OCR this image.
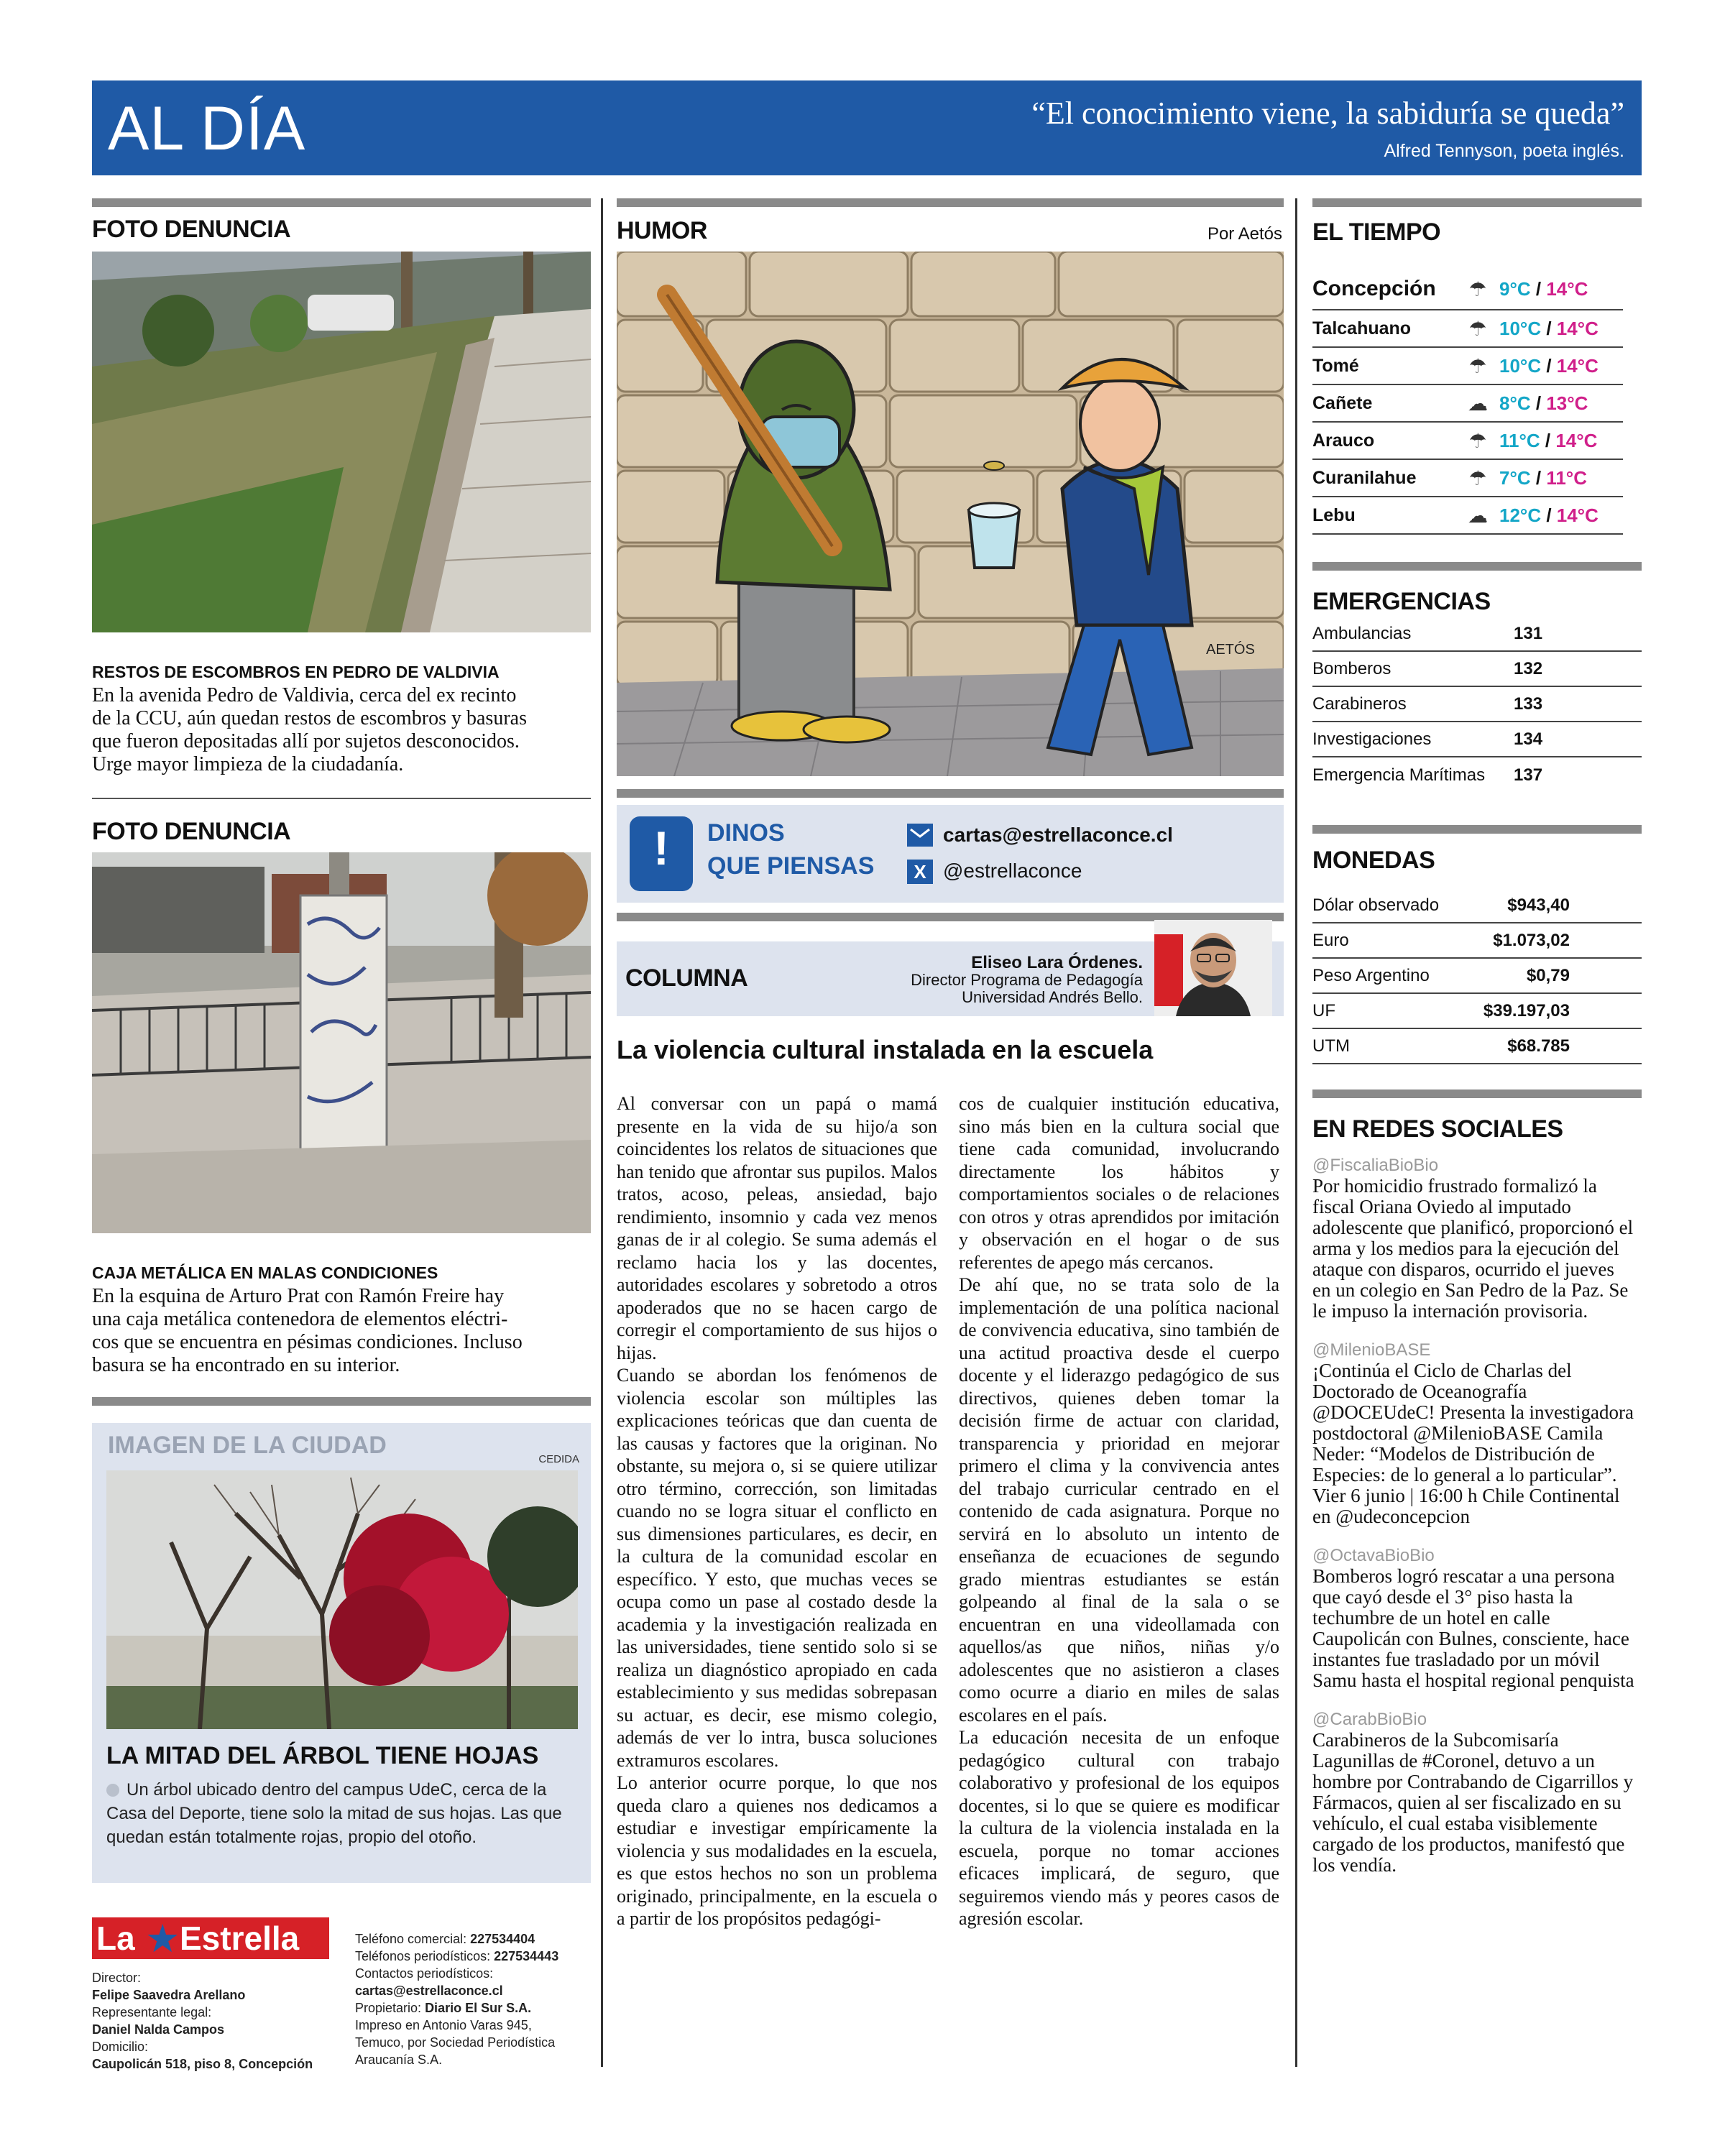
AL DÍA	“El conocimiento viene, la sabiduría se queda”
Alfred Tennyson, poeta inglés.
FOTO DENUNCIA
RESTOS DE ESCOMBROS EN PEDRO DE VALDIVIA
En la avenida Pedro de Valdivia, cerca del ex recinto
de la CCU, aún quedan restos de escombros y basuras
que fueron depositadas allí por sujetos desconocidos.
Urge mayor limpieza de la ciudadanía.
FOTO DENUNCIA
CAJA METÁLICA EN MALAS CONDICIONES
En la esquina de Arturo Prat con Ramón Freire hay
una caja metálica contenedora de elementos eléctri-
cos que se encuentra en pésimas condiciones. Incluso
basura se ha encontrado en su interior.
IMAGEN DE LA CIUDAD
CEDIDA
LA MITAD DEL ÁRBOL TIENE HOJAS
Un árbol ubicado dentro del campus UdeC, cerca de la
Casa del Deporte, tiene solo la mitad de sus hojas. Las que
quedan están totalmente rojas, propio del otoño.
La ★ Estrella
Director:
Felipe Saavedra Arellano
Representante legal:
Daniel Nalda Campos
Domicilio:
Caupolicán 518, piso 8, Concepción
Teléfono comercial: 227534404
Teléfonos periodísticos: 227534443
Contactos periodísticos:
cartas@estrellaconce.cl
Propietario: Diario El Sur S.A.
Impreso en Antonio Varas 945,
Temuco, por Sociedad Periodística
Araucanía S.A.
HUMOR	Por Aetós
AETÓS
!	DINOS
QUE PIENSAS
cartas@estrellaconce.cl
X @estrellaconce
COLUMNA
Eliseo Lara Órdenes.
Director Programa de Pedagogía
Universidad Andrés Bello.
La violencia cultural instalada en la escuela

Al conversar con un papá o mamá presente en la vida de su hijo/a son coincidentes los relatos de situaciones que han tenido que afrontar sus pupilos. Malos tratos, acoso, peleas, ansiedad, bajo rendimiento, insomnio y cada vez menos ganas de ir al colegio. Se suma además el reclamo hacia los y las docentes, autoridades escolares y sobretodo a otros apoderados que no se hacen cargo de corregir el comportamiento de sus hijos o hijas.

Cuando se abordan los fenómenos de violencia escolar son múltiples las explicaciones teóricas que dan cuenta de las causas y factores que la originan. No obstante, su mejora o, si se quiere utilizar otro término, corrección, son limitadas cuando no se logra situar el conflicto en sus dimensiones particulares, es decir, en la cultura de la comunidad escolar en específico. Y esto, que muchas veces se ocupa como un pase al costado desde la academia y la investigación realizada en las universidades, tiene sentido solo si se realiza un diagnóstico apropiado en cada establecimiento y sus medidas sobrepasan su actuar, es decir, ese mismo colegio, además de ver lo intra, busca soluciones extramuros escolares.

Lo anterior ocurre porque, lo que nos queda claro a quienes nos dedicamos a estudiar e investigar empíricamente la violencia y sus modalidades en la escuela, es que estos hechos no son un problema originado, principalmente, en la escuela o a partir de los propósitos pedagógi-

cos de cualquier institución educativa, sino más bien en la cultura social que tiene cada comunidad, involucrando directamente los hábitos y comportamientos sociales o de relaciones con otros y otras aprendidos por imitación y observación en el hogar o de sus referentes de apego más cercanos.

De ahí que, no se trata solo de la implementación de una política nacional de convivencia educativa, sino también de una actitud proactiva desde el cuerpo docente y el liderazgo pedagógico de sus directivos, quienes deben tomar la decisión firme de actuar con claridad, transparencia y prioridad en mejorar primero el clima y la convivencia antes del trabajo curricular centrado en el contenido de cada asignatura. Porque no servirá en lo absoluto un intento de enseñanza de ecuaciones de segundo grado mientras estudiantes se están golpeando al final de la sala o se encuentran en una videollamada con aquellos/as que niños, niñas y/o adolescentes que no asistieron a clases como ocurre a diario en miles de salas escolares en el país.

La educación necesita de un enfoque pedagógico cultural con trabajo colaborativo y profesional de los equipos docentes, si lo que se quiere es modificar la cultura de la violencia instalada en la escuela, porque no tomar acciones eficaces implicará, de seguro, que seguiremos viendo más y peores casos de agresión escolar.

EL TIEMPO
Concepción	☂ 9°C / 14°C
Talcahuano	☂ 10°C / 14°C
Tomé	☂ 10°C / 14°C
Cañete	☁ 8°C / 13°C
Arauco	☂ 11°C / 14°C
Curanilahue	☂ 7°C / 11°C
Lebu	☁ 12°C / 14°C
EMERGENCIAS
Ambulancias	131
Bomberos	132
Carabineros	133
Investigaciones	134
Emergencia Marítimas	137
MONEDAS
Dólar observado	$943,40
Euro	$1.073,02
Peso Argentino	$0,79
UF	$39.197,03
UTM	$68.785
EN REDES SOCIALES
@FiscaliaBioBio
Por homicidio frustrado formalizó la fiscal Oriana Oviedo al imputado adolescente que planificó, proporcionó el arma y los medios para la ejecución del ataque con disparos, ocurrido el jueves en un colegio en San Pedro de la Paz. Se le impuso la internación provisoria.
@MilenioBASE
¡Continúa el Ciclo de Charlas del Doctorado de Oceanografía @DOCEUdeC! Presenta la investigadora postdoctoral @MilenioBASE Camila Neder: “Modelos de Distribución de Especies: de lo general a lo particular”. Vier 6 junio | 16:00 h Chile Continental en @udeconcepcion
@OctavaBioBio
Bomberos logró rescatar a una persona que cayó desde el 3° piso hasta la techumbre de un hotel en calle Caupolicán con Bulnes, consciente, hace instantes fue trasladado por un móvil Samu hasta el hospital regional penquista
@CarabBioBio
Carabineros de la Subcomisaría Lagunillas de #Coronel, detuvo a un hombre por Contrabando de Cigarrillos y Fármacos, quien al ser fiscalizado en su vehículo, el cual estaba visiblemente cargado de los productos, manifestó que los vendía.
